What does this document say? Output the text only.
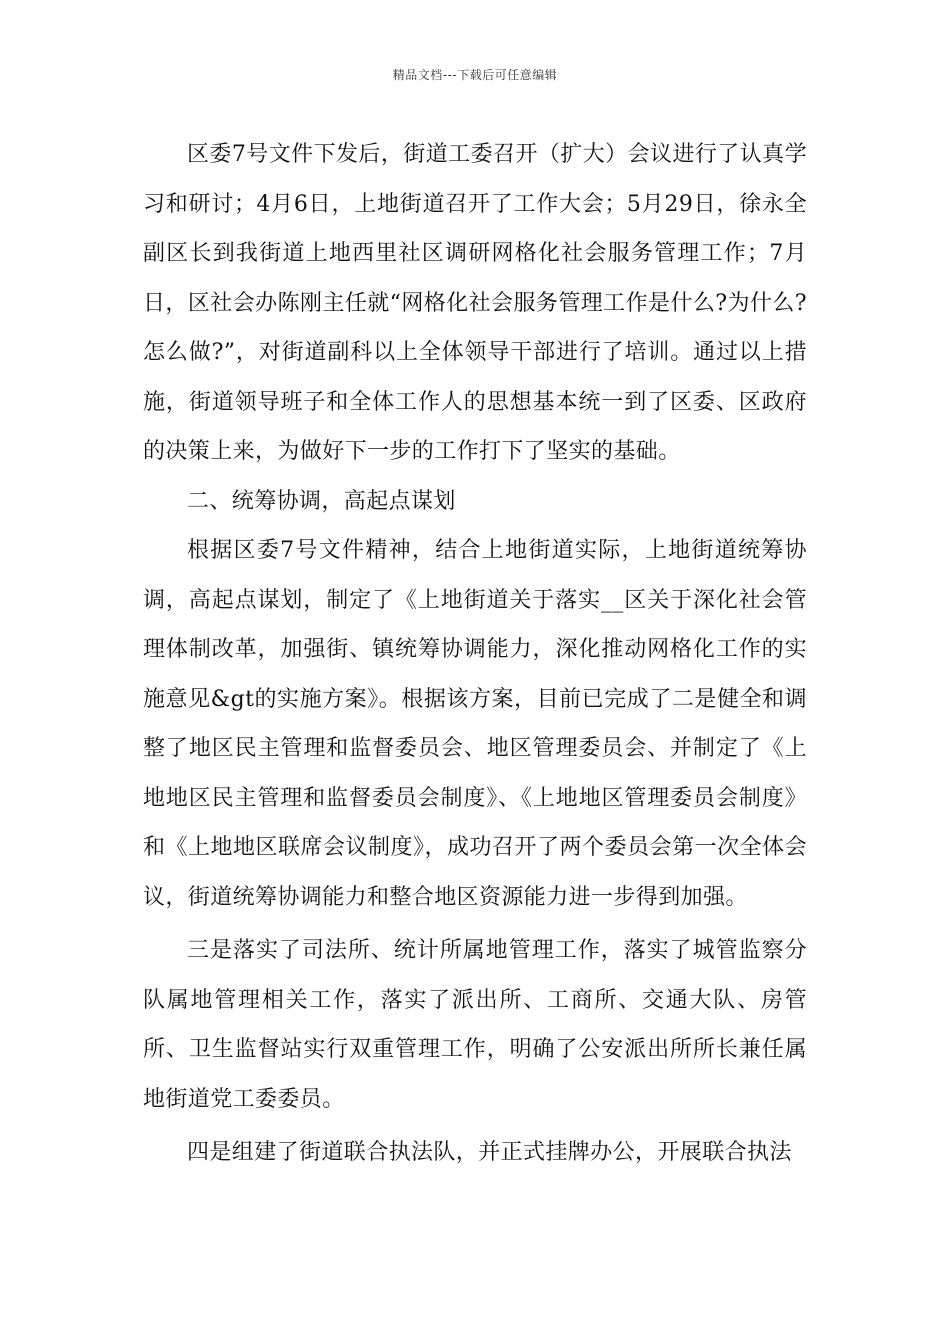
精品文档---下载后可任意编辑

区委7号文件下发后，街道工委召开（扩大）会议进行了认真学习和研讨；4月6日，上地街道召开了工作大会；5月29日，徐永全副区长到我街道上地西里社区调研网格化社会服务管理工作；7月日，区社会办陈刚主任就“网格化社会服务管理工作是什么?为什么?怎么做?”，对街道副科以上全体领导干部进行了培训。通过以上措施，街道领导班子和全体工作人的思想基本统一到了区委、区政府的决策上来，为做好下一步的工作打下了坚实的基础。

二、统筹协调，高起点谋划

根据区委7号文件精神，结合上地街道实际，上地街道统筹协调，高起点谋划，制定了《上地街道关于落实__区关于深化社会管理体制改革，加强街、镇统筹协调能力，深化推动网格化工作的实施意见&gt的实施方案》。根据该方案，目前已完成了二是健全和调整了地区民主管理和监督委员会、地区管理委员会、并制定了《上地地区民主管理和监督委员会制度》、《上地地区管理委员会制度》和《上地地区联席会议制度》，成功召开了两个委员会第一次全体会议，街道统筹协调能力和整合地区资源能力进一步得到加强。

三是落实了司法所、统计所属地管理工作，落实了城管监察分队属地管理相关工作，落实了派出所、工商所、交通大队、房管所、卫生监督站实行双重管理工作，明确了公安派出所所长兼任属地街道党工委委员。

四是组建了街道联合执法队，并正式挂牌办公，开展联合执法
